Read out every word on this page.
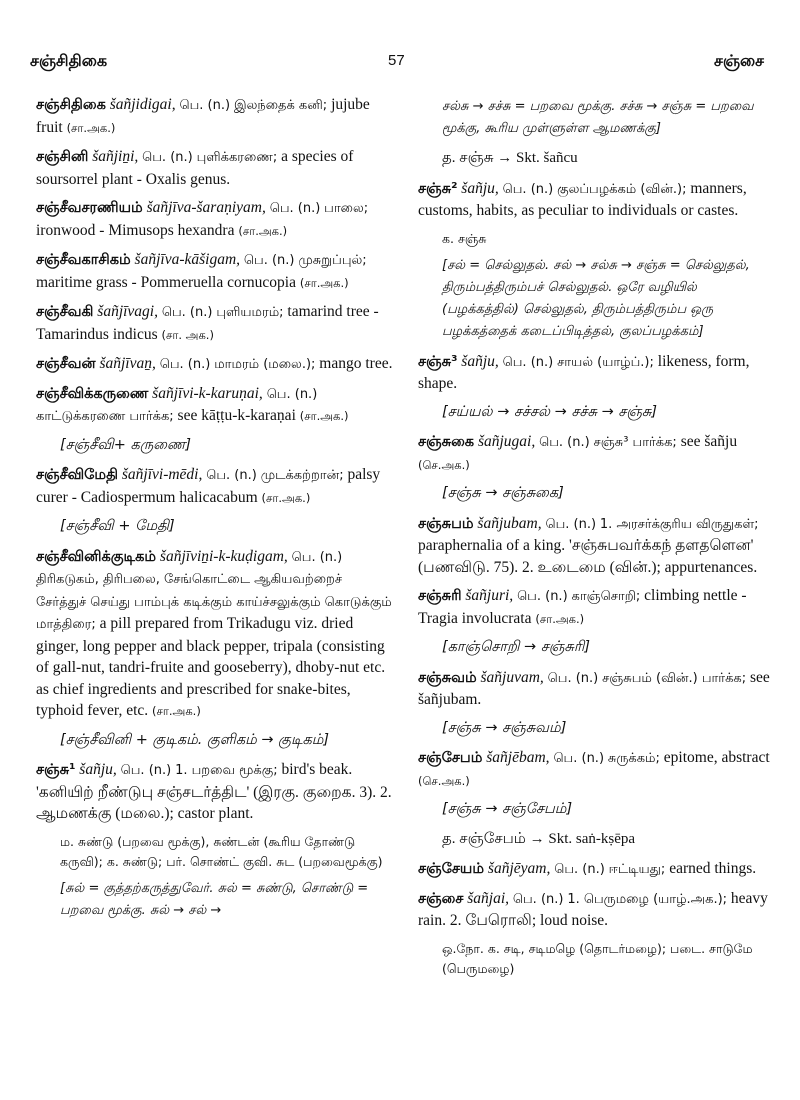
சஞ்சிதிகை	57	சஞ்சை
சஞ்சிதிகை šañjidigai, பெ. (n.) இலந்தைக் கனி; jujube fruit (சா.அக.)
சஞ்சினி šañjiṉi, பெ. (n.) புளிக்கரணை; a species of soursorrel plant - Oxalis genus.
சஞ்சீவசரணியம் šañjīva-šaraṇiyam, பெ. (n.) பாலை; ironwood - Mimusops hexandra (சா.அக.)
சஞ்சீவகாசிகம் šañjīva-kāšigam, பெ. (n.) முசுறுப்புல்; maritime grass - Pommeruella cornucopia (சா.அக.)
சஞ்சீவகி šañjīvagi, பெ. (n.) புளியமரம்; tamarind tree - Tamarindus indicus (சா. அக.)
சஞ்சீவன் šañjīvaṉ, பெ. (n.) மாமரம் (மலை.); mango tree.
சஞ்சீவிக்கருணை šañjīvi-k-karuṇai, பெ. (n.) காட்டுக்கரணை பார்க்க; see kāṭṭu-k-karaṇai (சா.அக.)
[சஞ்சீவி+ கருணை]
சஞ்சீவிமேதி šañjīvi-mēdi, பெ. (n.) முடக்கற்றான்; palsy curer - Cadiospermum halicacabum (சா.அக.)
[சஞ்சீவி + மேதி]
சஞ்சீவினிக்குடிகம் šañjīviṉi-k-kuḍigam, பெ. (n.) திரிகடுகம், திரிபலை, சேங்கொட்டை ஆகியவற்றைச் சேர்த்துச் செய்து பாம்புக் கடிக்கும் காய்ச்சலுக்கும் கொடுக்கும் மாத்திரை; a pill prepared from Trikadugu viz. dried ginger, long pepper and black pepper, tripala (consisting of gall-nut, tandri-fruite and gooseberry), dhoby-nut etc. as chief ingredients and prescribed for snake-bites, typhoid fever, etc. (சா.அக.)
[சஞ்சீவினி + குடிகம். குளிகம் → குடிகம்]
சஞ்சு¹ šañju, பெ. (n.) 1. பறவை மூக்கு; bird's beak. 'கனியிற் றீண்டுபு சஞ்சடர்த்திட' (இரகு. குறைக. 3). 2. ஆமணக்கு (மலை.); castor plant.
ம. சுண்டு (பறவை மூக்கு), சுண்டன் (கூரிய தோண்டு கருவி); க. சுண்டு; பர். சொண்ட் குவி. சுட (பறவைமூக்கு)
[சுல் = குத்தற்கருத்துவேர். சுல் = சுண்டு, சொண்டு = பறவை மூக்கு. சுல் → சல் →
சல்சு → சச்சு = பறவை மூக்கு. சச்சு → சஞ்சு = பறவை மூக்கு, கூரிய முள்ளுள்ள ஆமணக்கு]
த. சஞ்சு → Skt. šañcu
சஞ்சு² šañju, பெ. (n.) குலப்பழக்கம் (வின்.); manners, customs, habits, as peculiar to individuals or castes.
க. சஞ்சு
[சல் = செல்லுதல். சல் → சல்சு → சஞ்சு = செல்லுதல், திரும்பத்திரும்பச் செல்லுதல். ஒரே வழியில் (பழக்கத்தில்) செல்லுதல், திரும்பத்திரும்ப ஒரு பழக்கத்தைக் கடைப்பிடித்தல், குலப்பழக்கம்]
சஞ்சு³ šañju, பெ. (n.) சாயல் (யாழ்ப்.); likeness, form, shape.
[சய்யல் → சச்சல் → சச்சு → சஞ்சு]
சஞ்சுகை šañjugai, பெ. (n.) சஞ்சு³ பார்க்க; see šañju (செ.அக.)
[சஞ்சு → சஞ்சுகை]
சஞ்சுபம் šañjubam, பெ. (n.) 1. அரசர்க்குரிய விருதுகள்; paraphernalia of a king. 'சஞ்சுபவர்க்கந் தளதளென' (பணவிடு. 75). 2. உடைமை (வின்.); appurtenances.
சஞ்சுரி šañjuri, பெ. (n.) காஞ்சொறி; climbing nettle - Tragia involucrata (சா.அக.)
[காஞ்சொறி → சஞ்சுரி]
சஞ்சுவம் šañjuvam, பெ. (n.) சஞ்சுபம் (வின்.) பார்க்க; see šañjubam.
[சஞ்சு → சஞ்சுவம்]
சஞ்சேபம் šañjēbam, பெ. (n.) சுருக்கம்; epitome, abstract (செ.அக.)
[சஞ்சு → சஞ்சேபம்]
த. சஞ்சேபம் → Skt. saṅ-kṣēpa
சஞ்சேயம் šañjēyam, பெ. (n.) ஈட்டியது; earned things.
சஞ்சை šañjai, பெ. (n.) 1. பெருமழை (யாழ்.அக.); heavy rain. 2. பேரொலி; loud noise.
ஒ.நோ. க. சடி, சடிமழெ (தொடர்மழை); படை. சாடுமே (பெருமழை)
